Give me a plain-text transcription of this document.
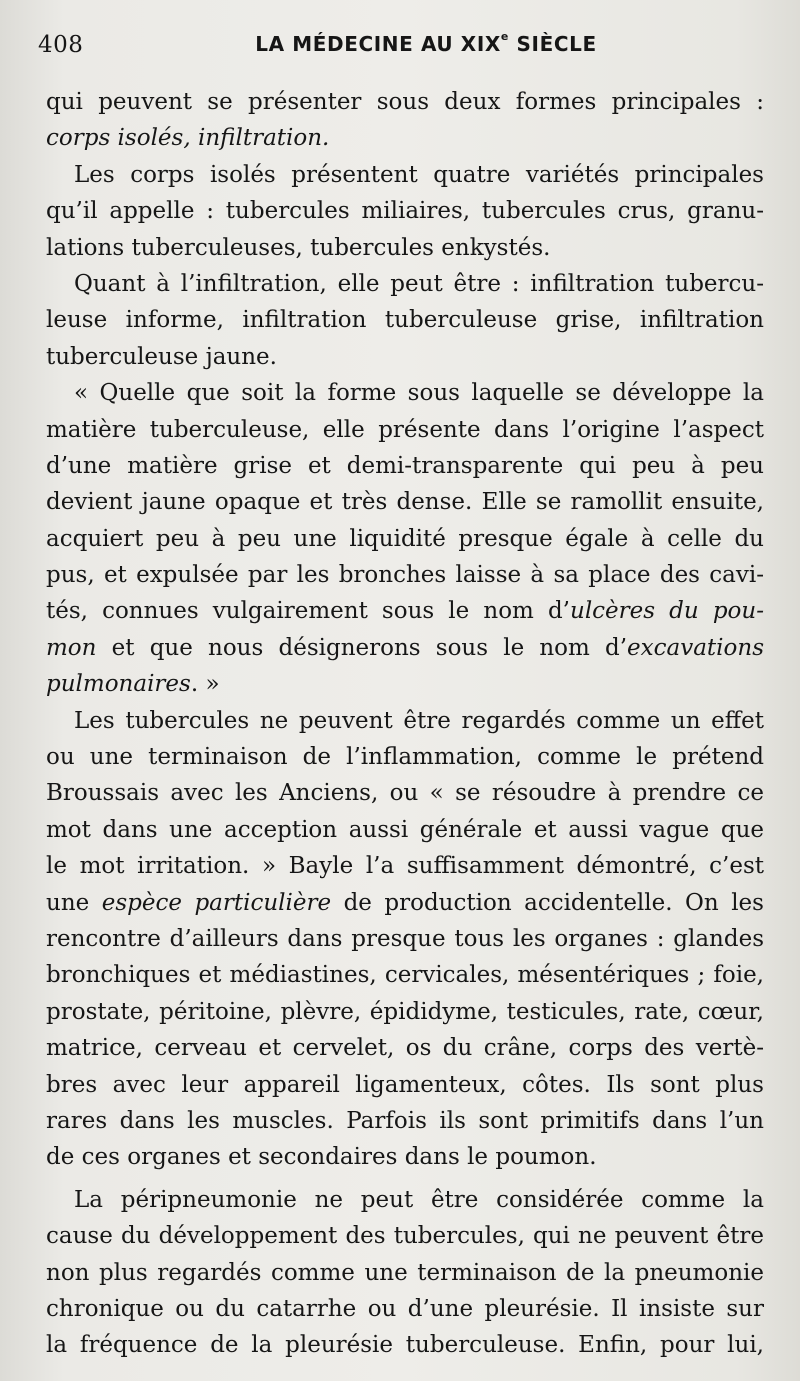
408	LA MÉDECINE AU XIXe SIÈCLE
qui peuvent se présenter sous deux formes principales :
corps isolés, infiltration.
Les corps isolés présentent quatre variétés principales
qu’il appelle : tubercules miliaires, tubercules crus, granu-
lations tuberculeuses, tubercules enkystés.
Quant à l’infiltration, elle peut être : infiltration tubercu-
leuse informe, infiltration tuberculeuse grise, infiltration
tuberculeuse jaune.
« Quelle que soit la forme sous laquelle se développe la
matière tuberculeuse, elle présente dans l’origine l’aspect
d’une matière grise et demi-transparente qui peu à peu
devient jaune opaque et très dense. Elle se ramollit ensuite,
acquiert peu à peu une liquidité presque égale à celle du
pus, et expulsée par les bronches laisse à sa place des cavi-
tés, connues vulgairement sous le nom d’ulcères du pou-
mon et que nous désignerons sous le nom d’excavations
pulmonaires. »
Les tubercules ne peuvent être regardés comme un effet
ou une terminaison de l’inflammation, comme le prétend
Broussais avec les Anciens, ou « se résoudre à prendre ce
mot dans une acception aussi générale et aussi vague que
le mot irritation. » Bayle l’a suffisamment démontré, c’est
une espèce particulière de production accidentelle. On les
rencontre d’ailleurs dans presque tous les organes : glandes
bronchiques et médiastines, cervicales, mésentériques ; foie,
prostate, péritoine, plèvre, épididyme, testicules, rate, cœur,
matrice, cerveau et cervelet, os du crâne, corps des vertè-
bres avec leur appareil ligamenteux, côtes. Ils sont plus
rares dans les muscles. Parfois ils sont primitifs dans l’un
de ces organes et secondaires dans le poumon.
La péripneumonie ne peut être considérée comme la
cause du développement des tubercules, qui ne peuvent être
non plus regardés comme une terminaison de la pneumonie
chronique ou du catarrhe ou d’une pleurésie. Il insiste sur
la fréquence de la pleurésie tuberculeuse. Enfin, pour lui,
